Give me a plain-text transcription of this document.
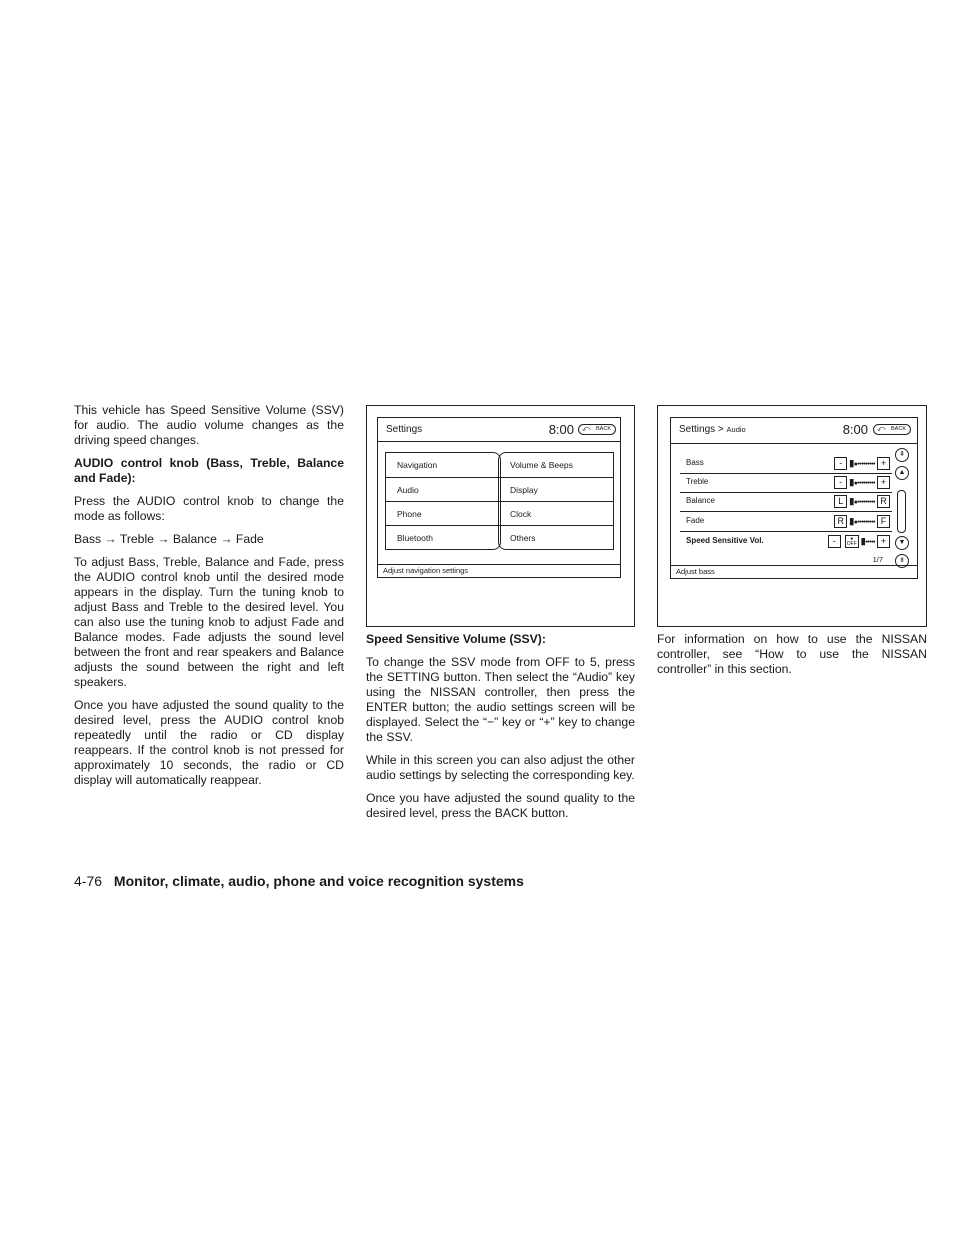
This vehicle has Speed Sensitive Volume (SSV) for audio. The audio volume changes as the driving speed changes.

AUDIO control knob (Bass, Treble, Balance and Fade):

Press the AUDIO control knob to change the mode as follows:

Bass → Treble → Balance → Fade

To adjust Bass, Treble, Balance and Fade, press the AUDIO control knob until the desired mode appears in the display. Turn the tuning knob to adjust Bass and Treble to the desired level. You can also use the tuning knob to adjust Fade and Balance modes. Fade adjusts the sound level between the front and rear speakers and Balance adjusts the sound between the right and left speakers.

Once you have adjusted the sound quality to the desired level, press the AUDIO control knob repeatedly until the radio or CD display reappears. If the control knob is not pressed for approximately 10 seconds, the radio or CD display will automatically reappear.

Settings	8:00	⤺ BACK
Navigation
Audio
Phone
Bluetooth
Volume & Beeps
Display
Clock
Others
Adjust navigation settings

Speed Sensitive Volume (SSV):

To change the SSV mode from OFF to 5, press the SETTING button. Then select the “Audio” key using the NISSAN controller, then press the ENTER button; the audio settings screen will be displayed. Select the “−” key or “+” key to change the SSV.

While in this screen you can also adjust the other audio settings by selecting the corresponding key.

Once you have adjusted the sound quality to the desired level, press the BACK button.

Settings > Audio	8:00	⤺ BACK
Bass	- ▮●••••••••• +
Treble	- ▮●••••••••• +
Balance	L ▮●••••••••• R
Fade	R ▮●••••••••• F
Speed Sensitive Vol.	-	●
OFF ▮••••• +
1/7
⇞
▲
▼
⇟
Adjust bass

For information on how to use the NISSAN controller, see “How to use the NISSAN controller” in this section.

4-76 Monitor, climate, audio, phone and voice recognition systems
